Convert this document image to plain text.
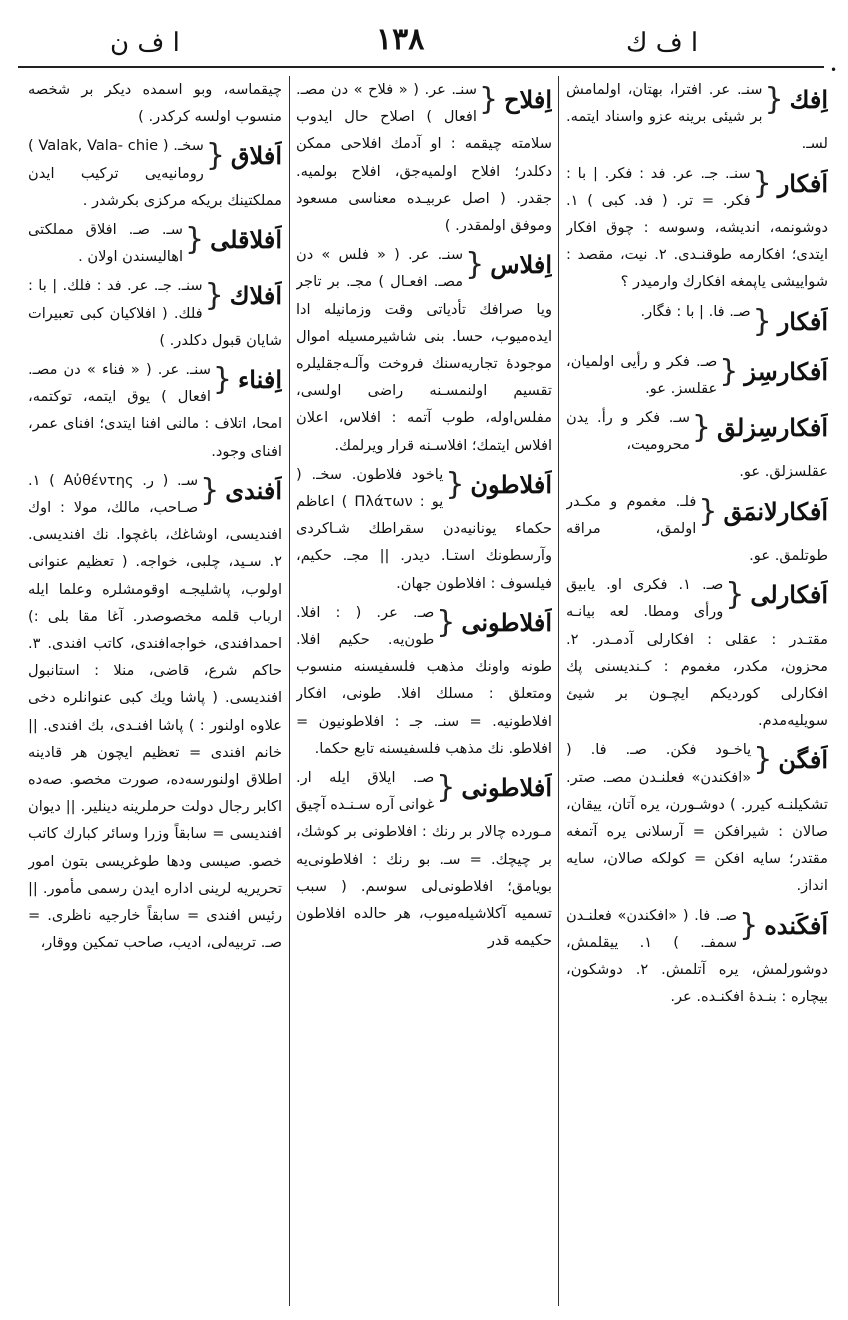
ا ف ن	١٣٨	ا ف ك
•
اِفك
{
سنـ. عر. افترا، بهتان، اولمامش بر شیئی برینه عزو واسناد ایتمه. لسـ.
اَفكار
{
سنـ. جـ. عر. فد : فكر. | با : فكر. = تر. ( فد. كبی ) ١. دوشونمه، اندیشه، وسوسه : چوق افكار ایتدی؛ افكارمه طوقنـدی. ٢. نیت، مقصد : شواییشی یاپمغه افكارك وارمیدر ؟
اَفكار
{
صـ. فا. | با : فگار.
اَفكارسِز
{
صـ. فكر و رأیی اولمیان، عقلسز. عو.
اَفكارسِزلق
{
سـ. فكر و رأ. یدن محرومیت، عقلسزلق. عو.
اَفكارلانمَق
{
فلـ. مغموم و مكـدر اولمق، مراقه طوتلمق. عو.
اَفكارلی
{
صـ. ١. فكری او. یابیق ورأی ومطا. لعه بیانـه مقتـدر : عقلی : افكارلی آدمـدر. ٢. محزون، مكدر، مغموم : كـندیسنی پك افكارلی كوردیكم ایچـون بر شیئ سویلیه‌مدم.
اَفگن
{
یاخـود فكن. صـ. فا. ( «افكندن» فعلنـدن مصـ. صتر. تشكیلنـه كیرر. ) دوشـورن، یره آتان، ییقان، صالان : شیرافكن = آرسلانی یره آتمغه مقتدر؛ سایه افكن = كولكه صالان، سایه انداز.
اَفكَنده
{
صـ. فا. ( «افكندن» فعلنـدن سمفـ. ) ١. ییقلمش، دوشورلمش، یره آتلمش. ٢. دوشكون، بیچاره : بنـدهٔ افكنـده. عر.
اِفلاح
{
سنـ. عر. ( « فلاح » دن مصـ. افعال ) اصلاح حال ایدوب سلامته چیقمه : او آدمك افلاحی ممكن دكلدر؛ افلاح اولمیه‌جق، افلاح بولمیه. جقدر. ( اصل عربیـده معناسی مسعود وموفق اولمقدر. )
اِفلاس
{
سنـ. عر. ( « فلس » دن مصـ. افعـال ) مجـ. بر تاجر ویا صرافك تأدیاتی وقت وزمانیله ادا ایده‌میوب، حسا. بنی شاشیرمسیله اموال موجودهٔ تجاریه‌سنك فروخت وآلـه‌جقلیلره تقسیم اولنمسـنه راضی اولسی، مفلس‌اوله، طوب آتمه : افلاس، اعلان افلاس ایتمك؛ افلاسـنه قرار ویرلمك.
اَفلاطون
{
یاخود فلاطون. سخـ. ( یو : Πλάτων ) اعاظم حكماء یونانیه‌دن سقراطك شـاكردی وآرسطونك استـا. دیدر. || مجـ. حكیم، فیلسوف : افلاطون جهان.
اَفلاطونی
{
صـ. عر. ( : افلا. طون‌یه. حكیم افلا. طونه واونك مذهب فلسفیسنه منسوب ومتعلق : مسلك افلا. طونی، افكار افلاطونیه. = سنـ. جـ : افلاطونیون = افلاطو. نك مذهب فلسفیسنه تابع حكما.
اَفلاطونی
{
صـ. ایلاق ایله ار. غوانی آره سـنـده آچیق مـورده چالار بر رنك : افلاطونی بر كوشك، بر چیچك. = سـ. بو رنك : افلاطونی‌یه بویامق؛ افلاطونی‌لی سوسم. ( سبب تسمیه آكلاشیله‌میوب، هر حالده افلاطون حكیمه قدر
چیقماسه، وبو اسمده دیكر بر شخصه منسوب اولسه كركدر. )
اَفلاق
{
سخـ. ( Valak, Vala- chie ) رومانیه‌یی تركیب ایدن مملكتینك بریكه مركزی بكرشدر .
اَفلاقلی
{
سـ. صـ. افلاق مملكتی اهالیسندن اولان .
اَفلاك
{
سنـ. جـ. عر. فد : فلك. | با : فلك. ( افلاكیان كبی تعبیرات شایان قبول دكلدر. )
اِفناء
{
سنـ. عر. ( « فناء » دن مصـ. افعال ) یوق ایتمه، توكتمه، امحا، اتلاف : مالنی افنا ایتدی؛ افنای عمر، افنای وجود.
اَفندی
{
سـ. ( ر. Αὐθέντης ) ١. صـاحب، مالك، مولا : اوك افندیسی، اوشاغك، باغچوا. نك افندیسی. ٢. سـید، چلبی، خواجه. ( تعظیم عنوانی اولوب، پاشلیجـه اوقومشلره وعلما ایله ارباب قلمه مخصوصدر. آغا مقا بلی :) احمدافندی، خواجه‌افندی، كاتب افندی. ٣. حاكم شرع، قاضی، منلا : استانبول افندیسی. ( پاشا ویك كبی عنوانلره دخی علاوه اولنور : ) پاشا افنـدی، بك افندی. || خانم افندی = تعظیم ایچون هر قادینه اطلاق اولنورسه‌ده، صورت مخصو. صه‌ده اكابر رجال دولت حرملرینه دینلیر. || دیوان افندیسی = سابقاً وزرا وسائر كبارك كاتب خصو. صیسی ودها طوغریسی بتون امور تحریریه لرینی اداره ایدن رسمی مأمور. || رئیس افندی = سابقاً خارجیه ناظری. = صـ. تربیه‌لی، ادیب، صاحب تمكین ووقار،
